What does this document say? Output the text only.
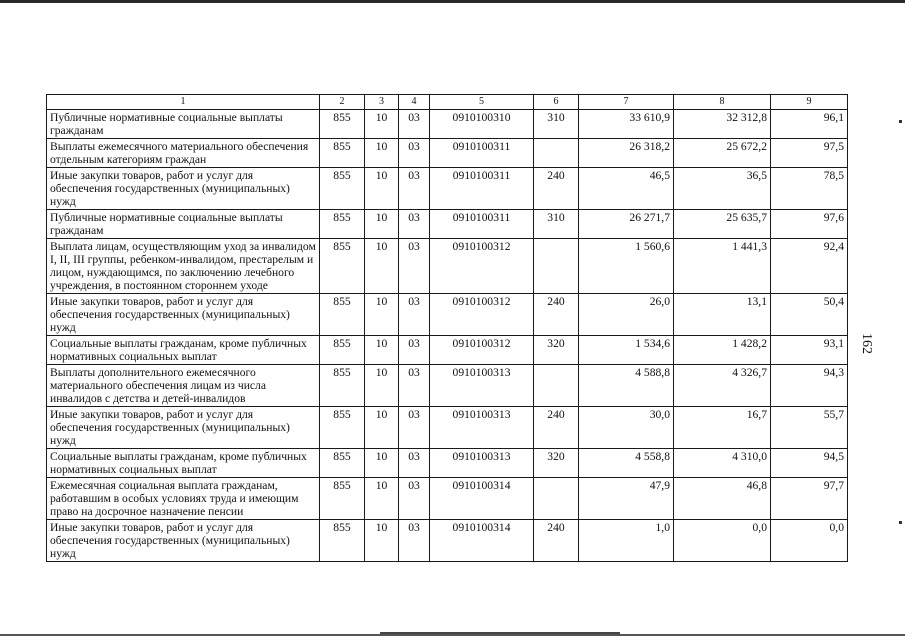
1	2	3	4	5	6	7	8	9
Публичные нормативные социальные выплаты гражданам	855	10	03	0910100310	310	33 610,9	32 312,8	96,1
Выплаты ежемесячного материального обеспечения отдельным категориям граждан	855	10	03	0910100311		26 318,2	25 672,2	97,5
Иные закупки товаров, работ и услуг для обеспечения государственных (муниципальных) нужд	855	10	03	0910100311	240	46,5	36,5	78,5
Публичные нормативные социальные выплаты гражданам	855	10	03	0910100311	310	26 271,7	25 635,7	97,6
Выплата лицам, осуществляющим уход за инвалидом I, II, III группы, ребенком-инвалидом, престарелым и лицом, нуждающимся, по заключению лечебного учреждения, в постоянном стороннем уходе	855	10	03	0910100312		1 560,6	1 441,3	92,4
Иные закупки товаров, работ и услуг для обеспечения государственных (муниципальных) нужд	855	10	03	0910100312	240	26,0	13,1	50,4
Социальные выплаты гражданам, кроме публичных нормативных социальных выплат	855	10	03	0910100312	320	1 534,6	1 428,2	93,1
Выплаты дополнительного ежемесячного материального обеспечения лицам из числа инвалидов с детства и детей-инвалидов	855	10	03	0910100313		4 588,8	4 326,7	94,3
Иные закупки товаров, работ и услуг для обеспечения государственных (муниципальных) нужд	855	10	03	0910100313	240	30,0	16,7	55,7
Социальные выплаты гражданам, кроме публичных нормативных социальных выплат	855	10	03	0910100313	320	4 558,8	4 310,0	94,5
Ежемесячная социальная выплата гражданам, работавшим в особых условиях труда и имеющим право на досрочное назначение пенсии	855	10	03	0910100314		47,9	46,8	97,7
Иные закупки товаров, работ и услуг для обеспечения государственных (муниципальных) нужд	855	10	03	0910100314	240	1,0	0,0	0,0
162
